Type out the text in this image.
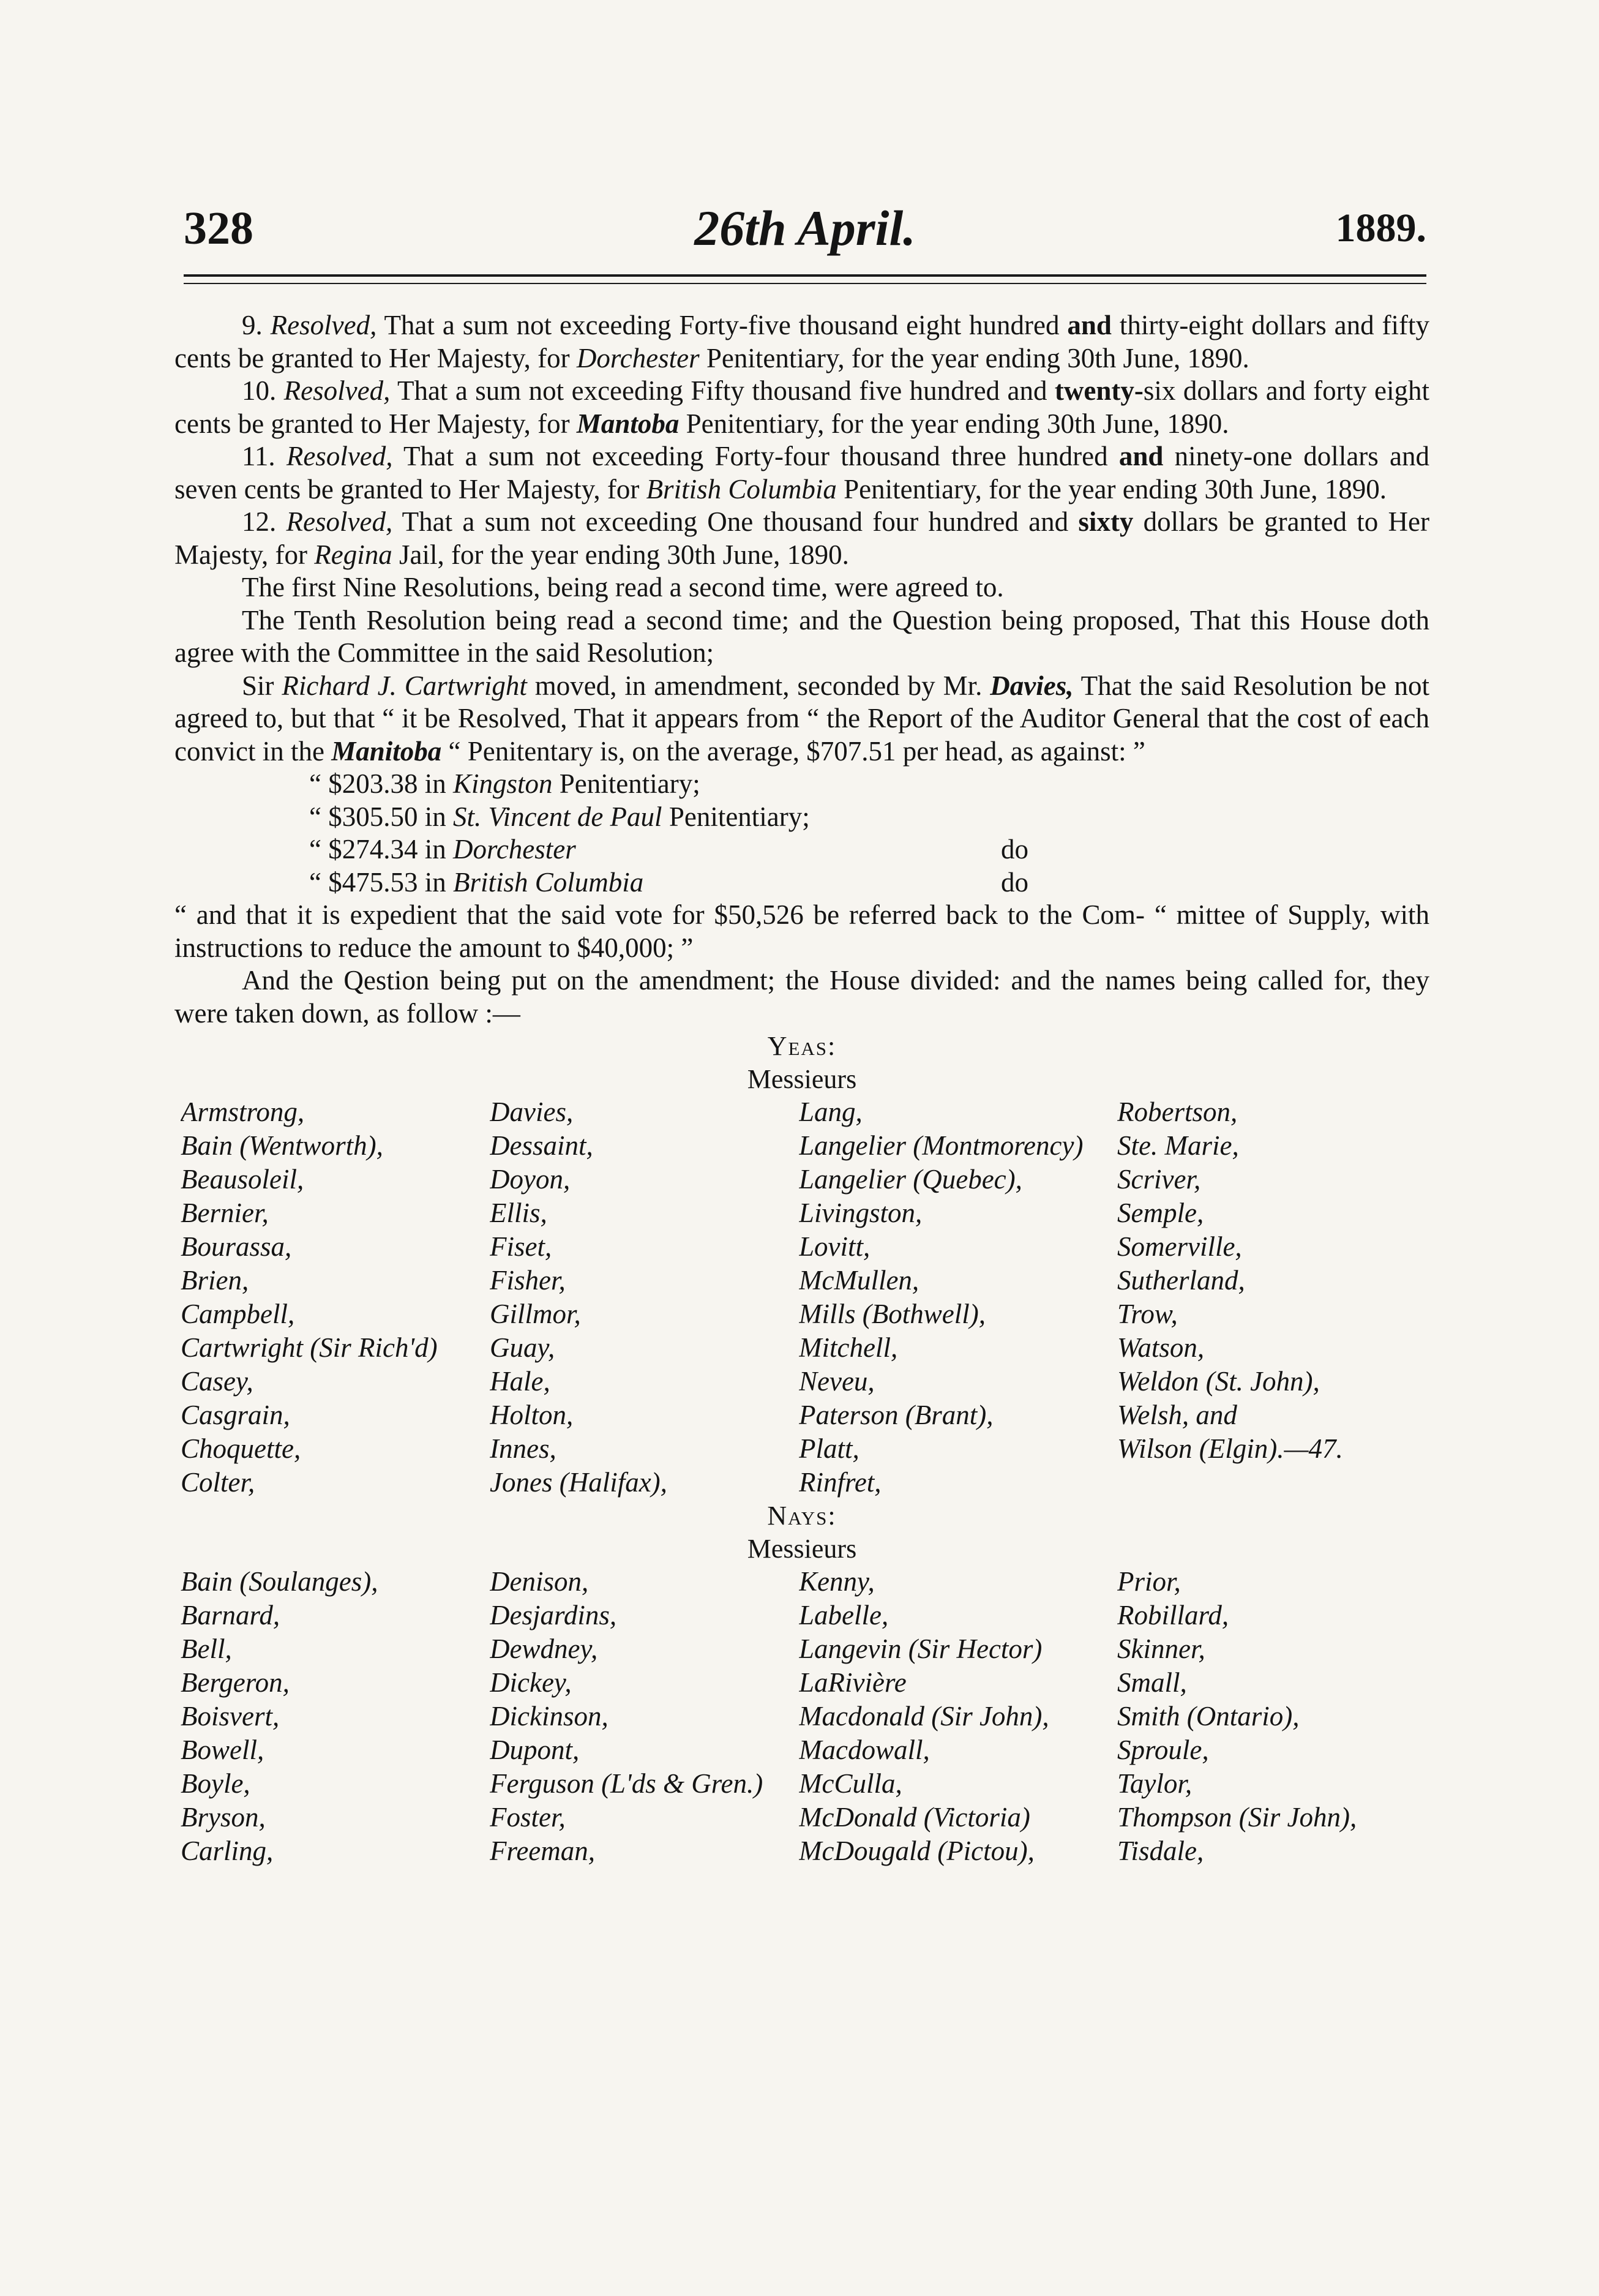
328	26th April.	1889.

9. Resolved, That a sum not exceeding Forty-five thousand eight hundred and thirty-eight dollars and fifty cents be granted to Her Majesty, for Dorchester Penitentiary, for the year ending 30th June, 1890.

10. Resolved, That a sum not exceeding Fifty thousand five hundred and twenty-six dollars and forty eight cents be granted to Her Majesty, for Mantoba Penitentiary, for the year ending 30th June, 1890.

11. Resolved, That a sum not exceeding Forty-four thousand three hundred and ninety-one dollars and seven cents be granted to Her Majesty, for British Columbia Penitentiary, for the year ending 30th June, 1890.

12. Resolved, That a sum not exceeding One thousand four hundred and sixty dollars be granted to Her Majesty, for Regina Jail, for the year ending 30th June, 1890.

The first Nine Resolutions, being read a second time, were agreed to.

The Tenth Resolution being read a second time; and the Question being proposed, That this House doth agree with the Committee in the said Resolution;

Sir Richard J. Cartwright moved, in amendment, seconded by Mr. Davies, That the said Resolution be not agreed to, but that “ it be Resolved, That it appears from “ the Report of the Auditor General that the cost of each convict in the Manitoba “ Penitentary is, on the average, $707.51 per head, as against: ”

“ $203.38 in Kingston Penitentiary;

“ $305.50 in St. Vincent de Paul Penitentiary;

“ $274.34 in Dorchester	do

“ $475.53 in British Columbia	do

“ and that it is expedient that the said vote for $50,526 be referred back to the Com- “ mittee of Supply, with instructions to reduce the amount to $40,000; ”

And the Qestion being put on the amendment; the House divided: and the names being called for, they were taken down, as follow :—

Yeas:

Messieurs

Armstrong,	Davies,	Lang,	Robertson,
Bain (Wentworth),	Dessaint,	Langelier (Montmorency)	Ste. Marie,
Beausoleil,	Doyon,	Langelier (Quebec),	Scriver,
Bernier,	Ellis,	Livingston,	Semple,
Bourassa,	Fiset,	Lovitt,	Somerville,
Brien,	Fisher,	McMullen,	Sutherland,
Campbell,	Gillmor,	Mills (Bothwell),	Trow,
Cartwright (Sir Rich'd)	Guay,	Mitchell,	Watson,
Casey,	Hale,	Neveu,	Weldon (St. John),
Casgrain,	Holton,	Paterson (Brant),	Welsh, and
Choquette,	Innes,	Platt,	Wilson (Elgin).—47.
Colter,	Jones (Halifax),	Rinfret,

Nays:

Messieurs

Bain (Soulanges),	Denison,	Kenny,	Prior,
Barnard,	Desjardins,	Labelle,	Robillard,
Bell,	Dewdney,	Langevin (Sir Hector)	Skinner,
Bergeron,	Dickey,	LaRivière	Small,
Boisvert,	Dickinson,	Macdonald (Sir John),	Smith (Ontario),
Bowell,	Dupont,	Macdowall,	Sproule,
Boyle,	Ferguson (L'ds & Gren.)	McCulla,	Taylor,
Bryson,	Foster,	McDonald (Victoria)	Thompson (Sir John),
Carling,	Freeman,	McDougald (Pictou),	Tisdale,
